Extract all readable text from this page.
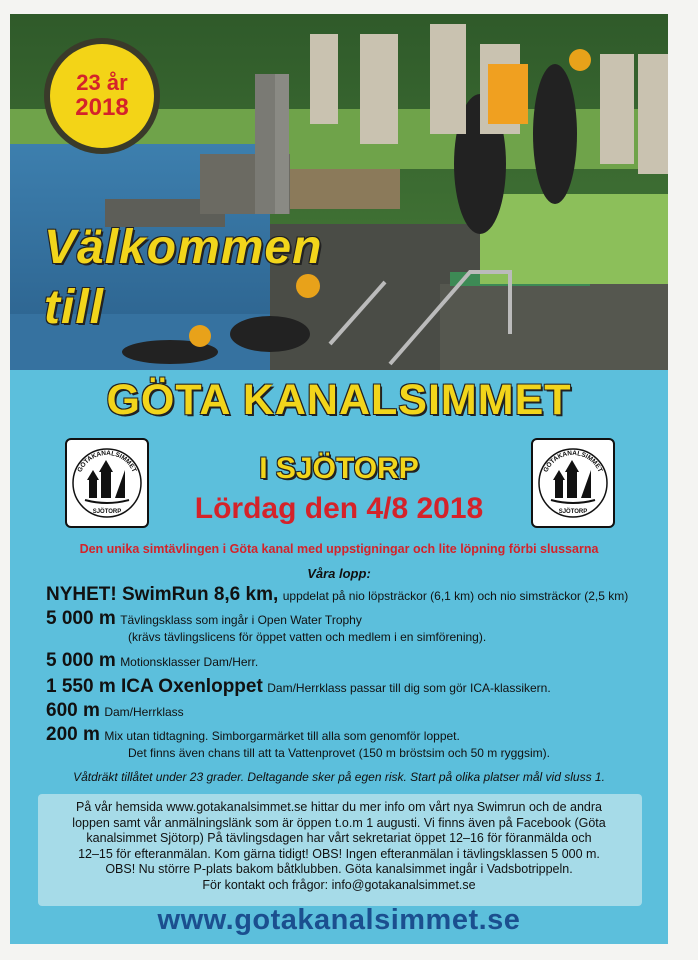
23 år
2018
Välkommen
till
GÖTA KANALSIMMET
GÖTAKANALSIMMET
SJÖTORP
GÖTAKANALSIMMET
SJÖTORP
I SJÖTORP
Lördag den 4/8 2018
Den unika simtävlingen i Göta kanal med uppstigningar och lite löpning förbi slussarna
Våra lopp:
NYHET! SwimRun 8,6 km, uppdelat på nio löpsträckor (6,1 km) och nio simsträckor (2,5 km)
5 000 m Tävlingsklass som ingår i Open Water Trophy
(krävs tävlingslicens för öppet vatten och medlem i en simförening).
5 000 m Motionsklasser Dam/Herr.
1 550 m ICA Oxenloppet Dam/Herrklass passar till dig som gör ICA-klassikern.
600 m Dam/Herrklass
200 m Mix utan tidtagning. Simborgarmärket till alla som genomför loppet.
Det finns även chans till att ta Vattenprovet (150 m bröstsim och 50 m ryggsim).
Våtdräkt tillåtet under 23 grader. Deltagande sker på egen risk. Start på olika platser mål vid sluss 1.
På vår hemsida www.gotakanalsimmet.se hittar du mer info om vårt nya Swimrun och de andra
loppen samt vår anmälningslänk som är öppen t.o.m 1 augusti. Vi finns även på Facebook (Göta
kanalsimmet Sjötorp) På tävlingsdagen har vårt sekretariat öppet 12–16 för föranmälda och
12–15 för efteranmälan. Kom gärna tidigt! OBS! Ingen efteranmälan i tävlingsklassen 5 000 m.
OBS! Nu större P-plats bakom båtklubben. Göta kanalsimmet ingår i Vadsbotrippeln.
För kontakt och frågor: info@gotakanalsimmet.se
www.gotakanalsimmet.se
